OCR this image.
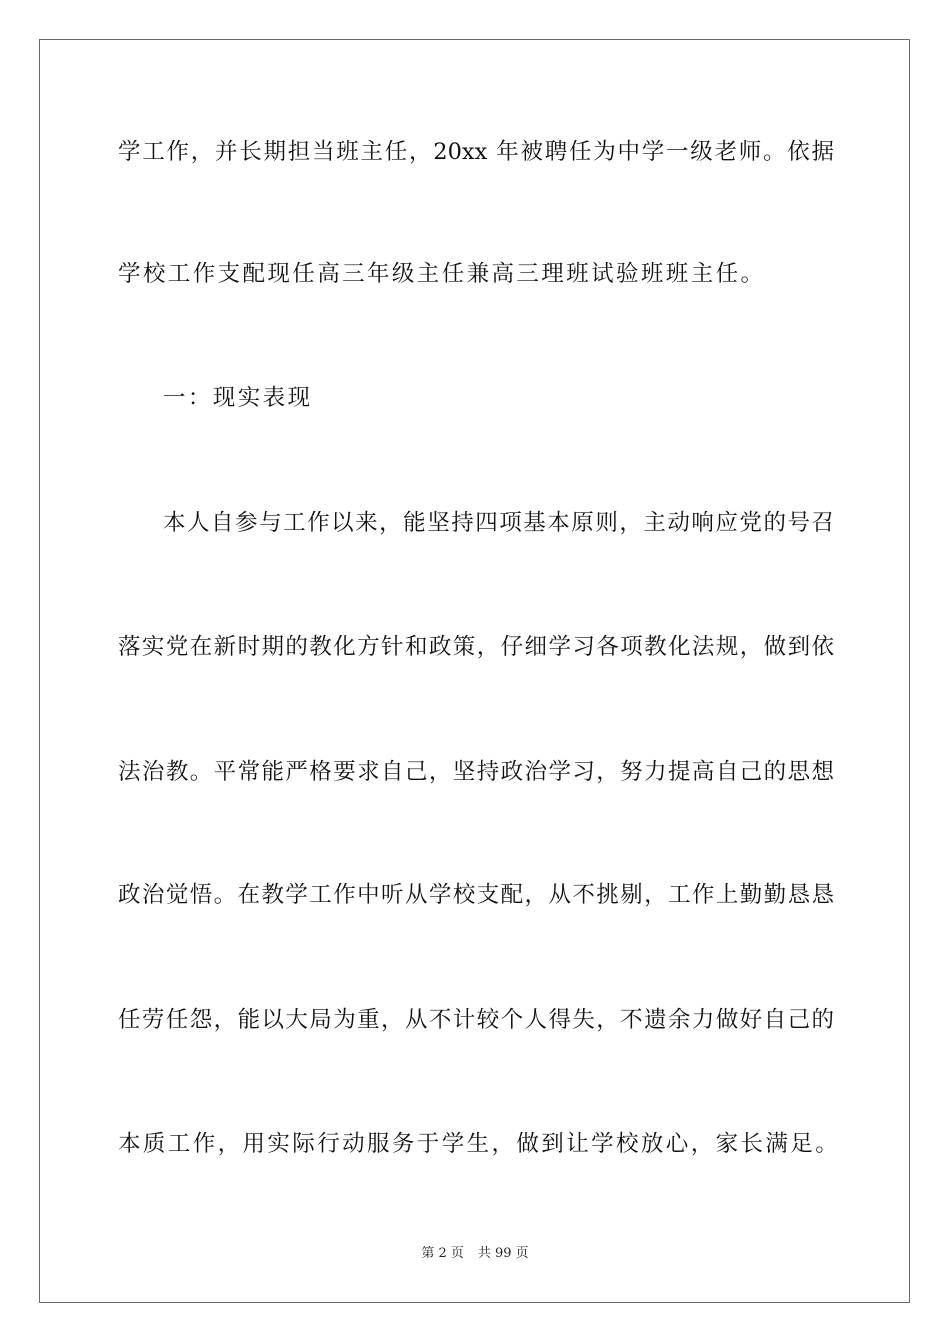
学工作，并长期担当班主任，20xx 年被聘任为中学一级老师。依据
学校工作支配现任高三年级主任兼高三理班试验班班主任。
一：现实表现
本人自参与工作以来，能坚持四项基本原则，主动响应党的号召
落实党在新时期的教化方针和政策，仔细学习各项教化法规，做到依
法治教。平常能严格要求自己，坚持政治学习，努力提高自己的思想
政治觉悟。在教学工作中听从学校支配，从不挑剔，工作上勤勤恳恳
任劳任怨，能以大局为重，从不计较个人得失，不遗余力做好自己的
本质工作，用实际行动服务于学生，做到让学校放心，家长满足。
第 2 页 共 99 页
